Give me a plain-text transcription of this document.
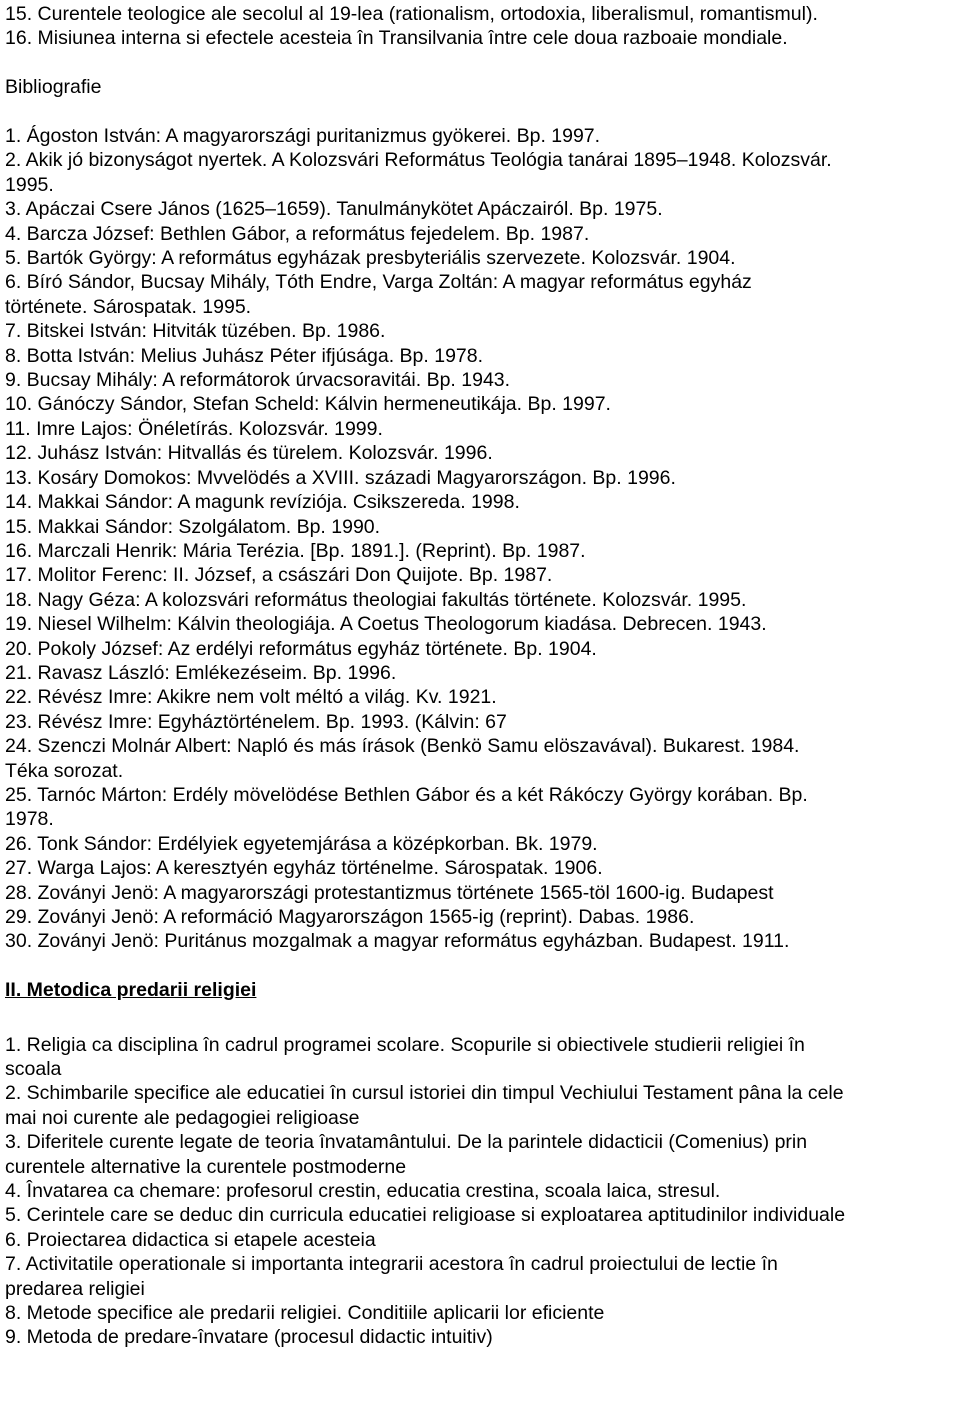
15. Curentele teologice ale secolul al 19-lea (rationalism, ortodoxia, liberalismul, romantismul).
16. Misiunea interna si efectele acesteia în Transilvania între cele doua razboaie mondiale.
Bibliografie
1. Ágoston István: A magyarországi puritanizmus gyökerei. Bp. 1997.
2. Akik jó bizonyságot nyertek. A Kolozsvári Református Teológia tanárai 1895–1948. Kolozsvár.
1995.
3. Apáczai Csere János (1625–1659). Tanulmánykötet Apáczairól. Bp. 1975.
4. Barcza József: Bethlen Gábor, a református fejedelem. Bp. 1987.
5. Bartók György: A református egyházak presbyteriális szervezete. Kolozsvár. 1904.
6. Bíró Sándor, Bucsay Mihály, Tóth Endre, Varga Zoltán: A magyar református egyház
története. Sárospatak. 1995.
7. Bitskei István: Hitviták tüzében. Bp. 1986.
8. Botta István: Melius Juhász Péter ifjúsága. Bp. 1978.
9. Bucsay Mihály: A reformátorok úrvacsoravitái. Bp. 1943.
10. Gánóczy Sándor, Stefan Scheld: Kálvin hermeneutikája. Bp. 1997.
11. Imre Lajos: Önéletírás. Kolozsvár. 1999.
12. Juhász István: Hitvallás és türelem. Kolozsvár. 1996.
13. Kosáry Domokos: Mvvelödés a XVIII. századi Magyarországon. Bp. 1996.
14. Makkai Sándor: A magunk revíziója. Csikszereda. 1998.
15. Makkai Sándor: Szolgálatom. Bp. 1990.
16. Marczali Henrik: Mária Terézia. [Bp. 1891.]. (Reprint). Bp. 1987.
17. Molitor Ferenc: II. József, a császári Don Quijote. Bp. 1987.
18. Nagy Géza: A kolozsvári református theologiai fakultás története. Kolozsvár. 1995.
19. Niesel Wilhelm: Kálvin theologiája. A Coetus Theologorum kiadása. Debrecen. 1943.
20. Pokoly József: Az erdélyi református egyház története. Bp. 1904.
21. Ravasz László: Emlékezéseim. Bp. 1996.
22. Révész Imre: Akikre nem volt méltó a világ. Kv. 1921.
23. Révész Imre: Egyháztörténelem. Bp. 1993. (Kálvin: 67
24. Szenczi Molnár Albert: Napló és más írások (Benkö Samu elöszavával). Bukarest. 1984.
Téka sorozat.
25. Tarnóc Márton: Erdély mövelödése Bethlen Gábor és a két Rákóczy György korában. Bp.
1978.
26. Tonk Sándor: Erdélyiek egyetemjárása a középkorban. Bk. 1979.
27. Warga Lajos: A keresztyén egyház történelme. Sárospatak. 1906.
28. Zoványi Jenö: A magyarországi protestantizmus története 1565-töl 1600-ig. Budapest
29. Zoványi Jenö: A reformáció Magyarországon 1565-ig (reprint). Dabas. 1986.
30. Zoványi Jenö: Puritánus mozgalmak a magyar református egyházban. Budapest. 1911.
II. Metodica predarii religiei
1. Religia ca disciplina în cadrul programei scolare. Scopurile si obiectivele studierii religiei în
scoala
2. Schimbarile specifice ale educatiei în cursul istoriei din timpul Vechiului Testament pâna la cele
mai noi curente ale pedagogiei religioase
3. Diferitele curente legate de teoria învatamântului. De la parintele didacticii (Comenius) prin
curentele alternative la curentele postmoderne
4. Învatarea ca chemare: profesorul crestin, educatia crestina, scoala laica, stresul.
5. Cerintele care se deduc din curricula educatiei religioase si exploatarea aptitudinilor individuale
6. Proiectarea didactica si etapele acesteia
7. Activitatile operationale si importanta integrarii acestora în cadrul proiectului de lectie în
predarea religiei
8. Metode specifice ale predarii religiei. Conditiile aplicarii lor eficiente
9. Metoda de predare-învatare (procesul didactic intuitiv)
